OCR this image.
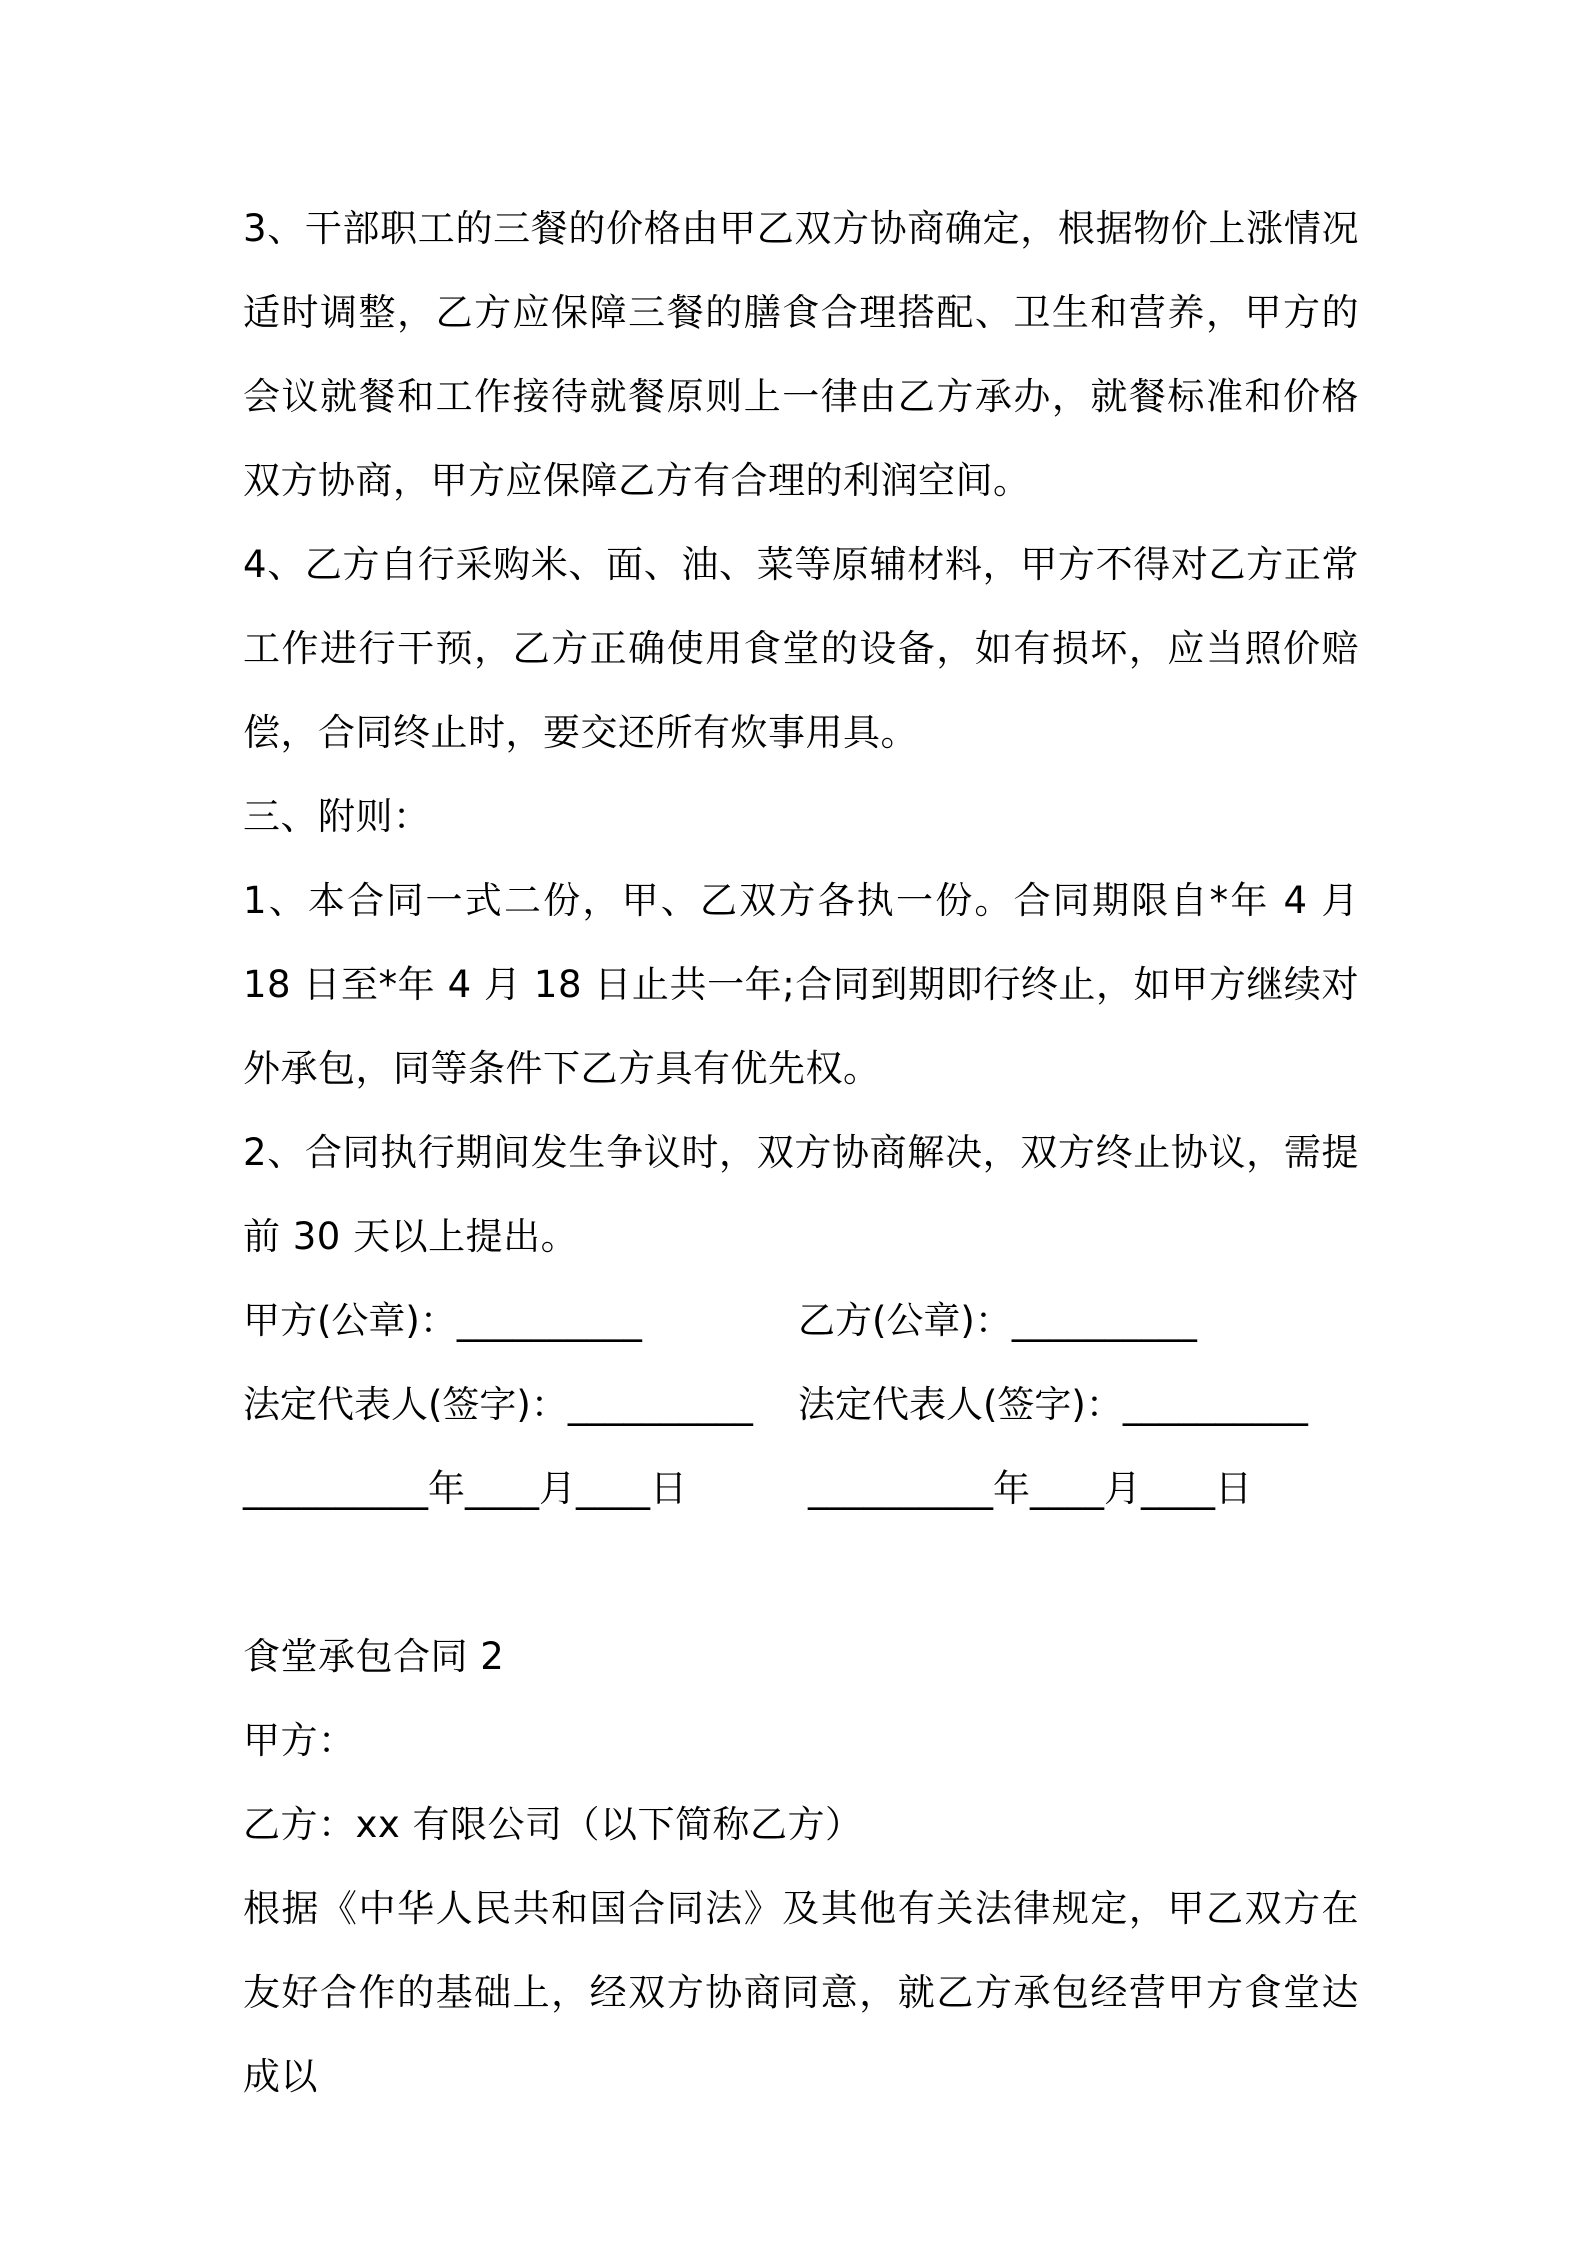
3、干部职工的三餐的价格由甲乙双方协商确定，根据物价上涨情况适时调整，乙方应保障三餐的膳食合理搭配、卫生和营养，甲方的会议就餐和工作接待就餐原则上一律由乙方承办，就餐标准和价格双方协商，甲方应保障乙方有合理的利润空间。

4、乙方自行采购米、面、油、菜等原辅材料，甲方不得对乙方正常工作进行干预，乙方正确使用食堂的设备，如有损坏，应当照价赔偿，合同终止时，要交还所有炊事用具。

三、附则：

1、本合同一式二份，甲、乙双方各执一份。合同期限自*年 4 月 18 日至*年 4 月 18 日止共一年;合同到期即行终止，如甲方继续对外承包，同等条件下乙方具有优先权。

2、合同执行期间发生争议时，双方协商解决，双方终止协议，需提前 30 天以上提出。

甲方(公章)：__________	乙方(公章)：__________
法定代表人(签字)：__________ 法定代表人(签字)：__________
__________年____月____日	__________年____月____日

食堂承包合同 2

甲方：

乙方：xx 有限公司（以下简称乙方）

根据《中华人民共和国合同法》及其他有关法律规定，甲乙双方在友好合作的基础上，经双方协商同意，就乙方承包经营甲方食堂达成以
